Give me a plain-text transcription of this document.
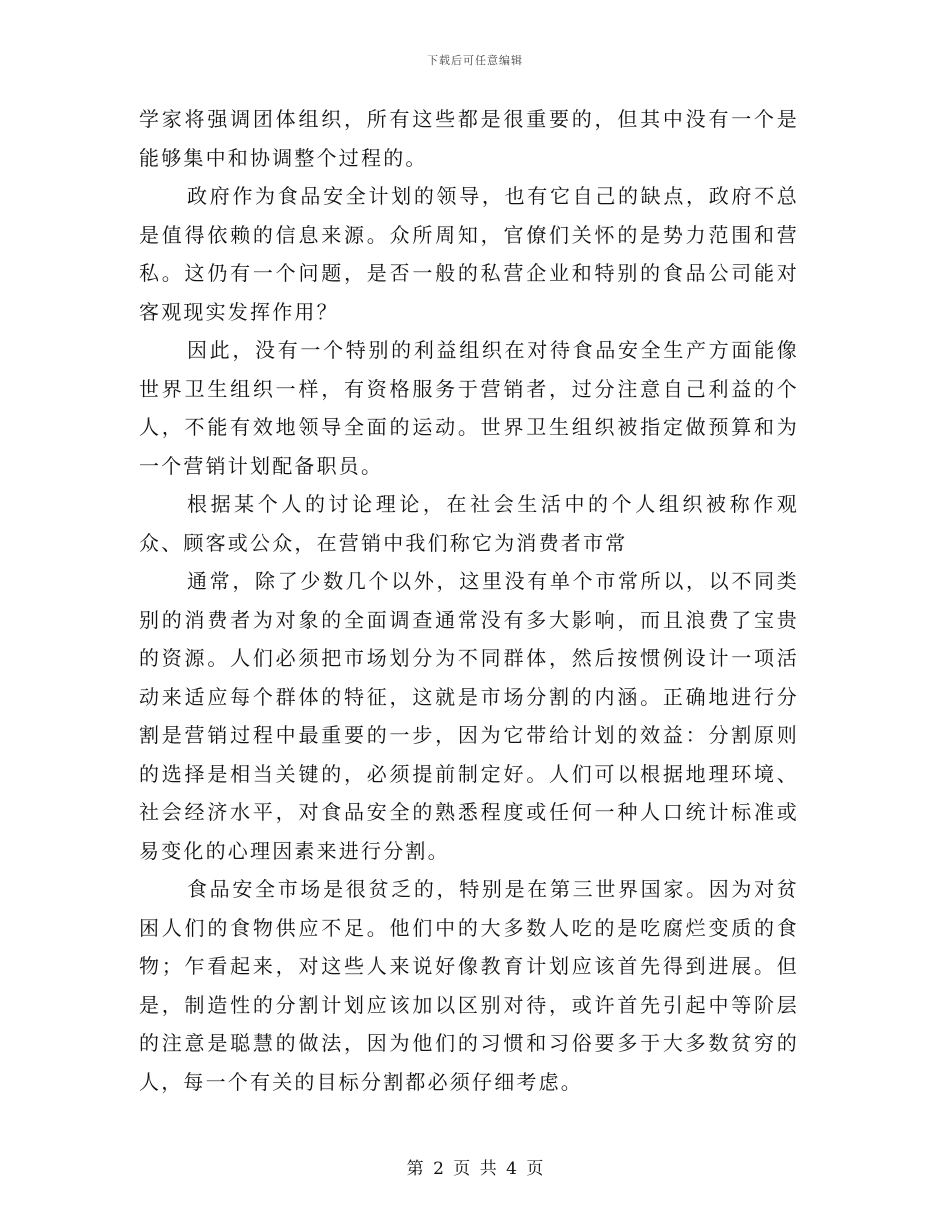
下载后可任意编辑

学家将强调团体组织，所有这些都是很重要的，但其中没有一个是能够集中和协调整个过程的。

政府作为食品安全计划的领导，也有它自己的缺点，政府不总是值得依赖的信息来源。众所周知，官僚们关怀的是势力范围和营私。这仍有一个问题，是否一般的私营企业和特别的食品公司能对客观现实发挥作用？

因此，没有一个特别的利益组织在对待食品安全生产方面能像世界卫生组织一样，有资格服务于营销者，过分注意自己利益的个人，不能有效地领导全面的运动。世界卫生组织被指定做预算和为一个营销计划配备职员。

根据某个人的讨论理论，在社会生活中的个人组织被称作观众、顾客或公众，在营销中我们称它为消费者市常

通常，除了少数几个以外，这里没有单个市常所以，以不同类别的消费者为对象的全面调查通常没有多大影响，而且浪费了宝贵的资源。人们必须把市场划分为不同群体，然后按惯例设计一项活动来适应每个群体的特征，这就是市场分割的内涵。正确地进行分割是营销过程中最重要的一步，因为它带给计划的效益：分割原则的选择是相当关键的，必须提前制定好。人们可以根据地理环境、社会经济水平，对食品安全的熟悉程度或任何一种人口统计标准或易变化的心理因素来进行分割。

食品安全市场是很贫乏的，特别是在第三世界国家。因为对贫困人们的食物供应不足。他们中的大多数人吃的是吃腐烂变质的食物；乍看起来，对这些人来说好像教育计划应该首先得到进展。但是，制造性的分割计划应该加以区别对待，或许首先引起中等阶层的注意是聪慧的做法，因为他们的习惯和习俗要多于大多数贫穷的人，每一个有关的目标分割都必须仔细考虑。

第 2 页 共 4 页
